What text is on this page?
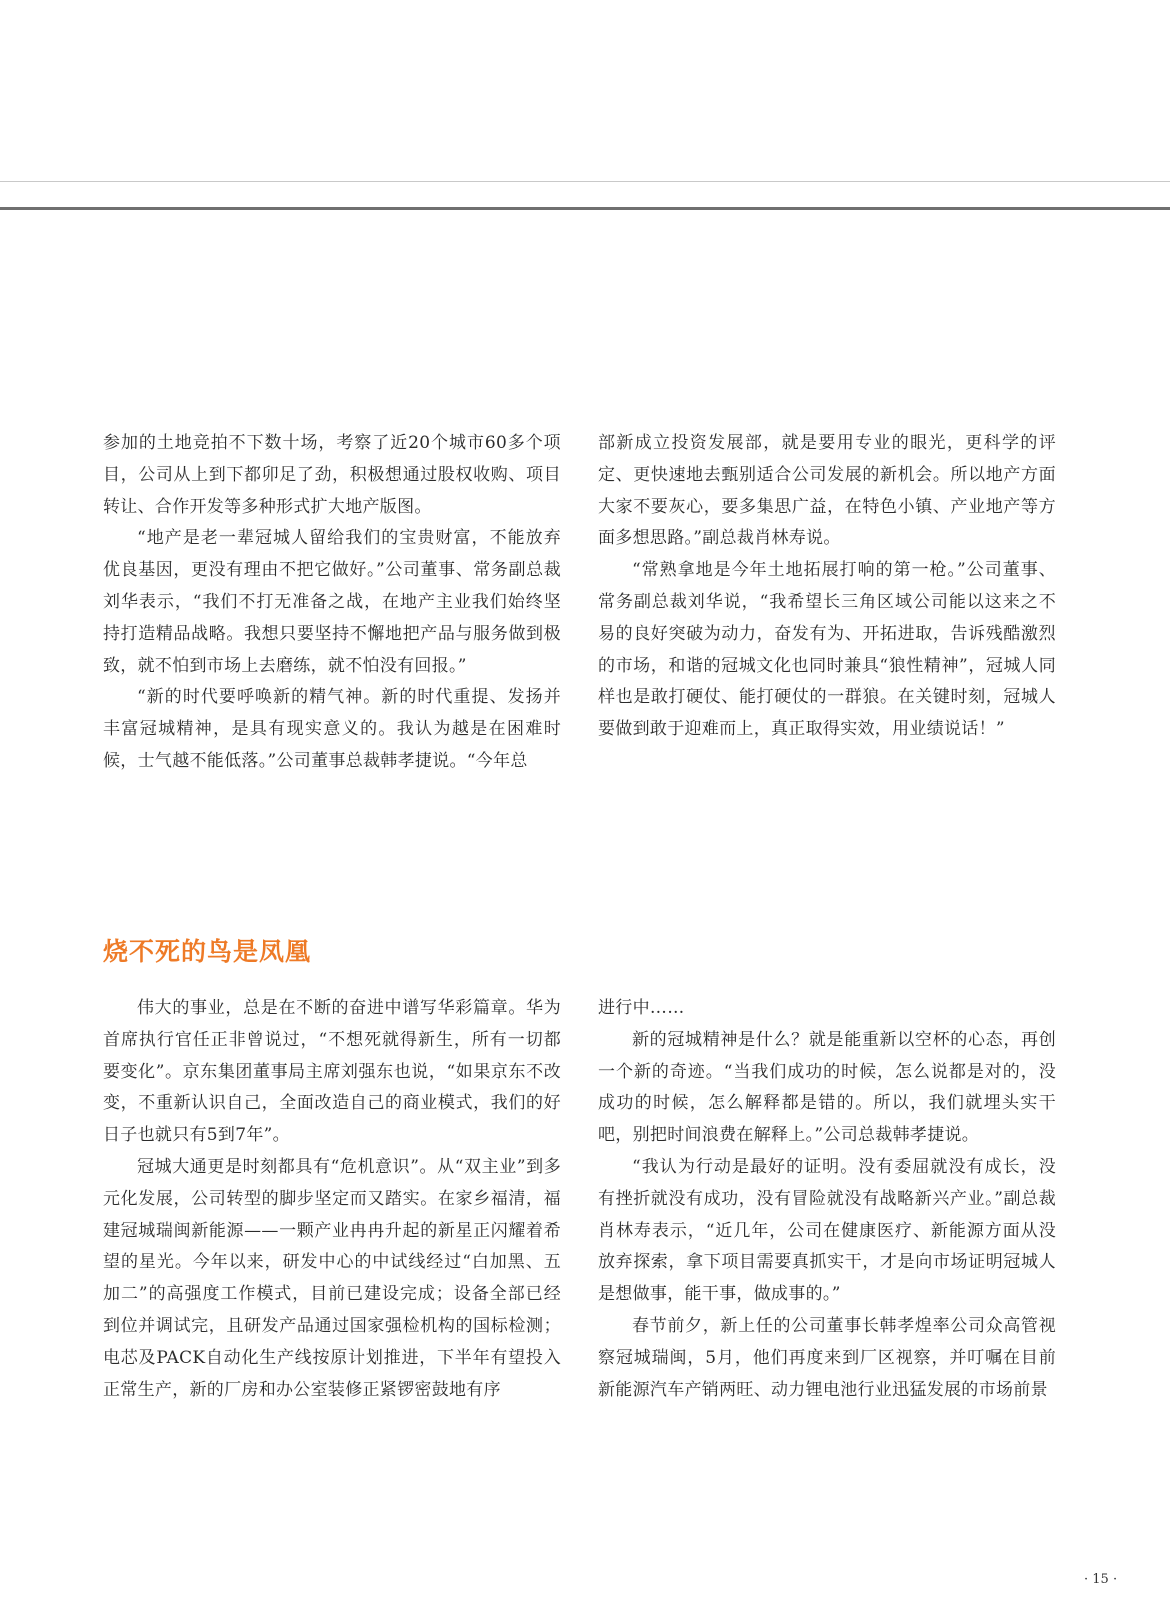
参加的土地竞拍不下数十场，考察了近20个城市60多个项目，公司从上到下都卯足了劲，积极想通过股权收购、项目转让、合作开发等多种形式扩大地产版图。

“地产是老一辈冠城人留给我们的宝贵财富，不能放弃优良基因，更没有理由不把它做好。”公司董事、常务副总裁刘华表示，“我们不打无准备之战，在地产主业我们始终坚持打造精品战略。我想只要坚持不懈地把产品与服务做到极致，就不怕到市场上去磨练，就不怕没有回报。”

“新的时代要呼唤新的精气神。新的时代重提、发扬并丰富冠城精神，是具有现实意义的。我认为越是在困难时候，士气越不能低落。”公司董事总裁韩孝捷说。“今年总

部新成立投资发展部，就是要用专业的眼光，更科学的评定、更快速地去甄别适合公司发展的新机会。所以地产方面大家不要灰心，要多集思广益，在特色小镇、产业地产等方面多想思路。”副总裁肖林寿说。

“常熟拿地是今年土地拓展打响的第一枪。”公司董事、常务副总裁刘华说，“我希望长三角区域公司能以这来之不易的良好突破为动力，奋发有为、开拓进取，告诉残酷激烈的市场，和谐的冠城文化也同时兼具“狼性精神”，冠城人同样也是敢打硬仗、能打硬仗的一群狼。在关键时刻，冠城人要做到敢于迎难而上，真正取得实效，用业绩说话！”

烧不死的鸟是凤凰

伟大的事业，总是在不断的奋进中谱写华彩篇章。华为首席执行官任正非曾说过，“不想死就得新生，所有一切都要变化”。京东集团董事局主席刘强东也说，“如果京东不改变，不重新认识自己，全面改造自己的商业模式，我们的好日子也就只有5到7年”。

冠城大通更是时刻都具有“危机意识”。从“双主业”到多元化发展，公司转型的脚步坚定而又踏实。在家乡福清，福建冠城瑞闽新能源——一颗产业冉冉升起的新星正闪耀着希望的星光。今年以来，研发中心的中试线经过“白加黑、五加二”的高强度工作模式，目前已建设完成；设备全部已经到位并调试完，且研发产品通过国家强检机构的国标检测；电芯及PACK自动化生产线按原计划推进，下半年有望投入正常生产，新的厂房和办公室装修正紧锣密鼓地有序

进行中……

新的冠城精神是什么？就是能重新以空杯的心态，再创一个新的奇迹。“当我们成功的时候，怎么说都是对的，没成功的时候，怎么解释都是错的。所以，我们就埋头实干吧，别把时间浪费在解释上。”公司总裁韩孝捷说。

“我认为行动是最好的证明。没有委屈就没有成长，没有挫折就没有成功，没有冒险就没有战略新兴产业。”副总裁肖林寿表示，“近几年，公司在健康医疗、新能源方面从没放弃探索，拿下项目需要真抓实干，才是向市场证明冠城人是想做事，能干事，做成事的。”

春节前夕，新上任的公司董事长韩孝煌率公司众高管视察冠城瑞闽，5月，他们再度来到厂区视察，并叮嘱在目前新能源汽车产销两旺、动力锂电池行业迅猛发展的市场前景

· 15 ·
